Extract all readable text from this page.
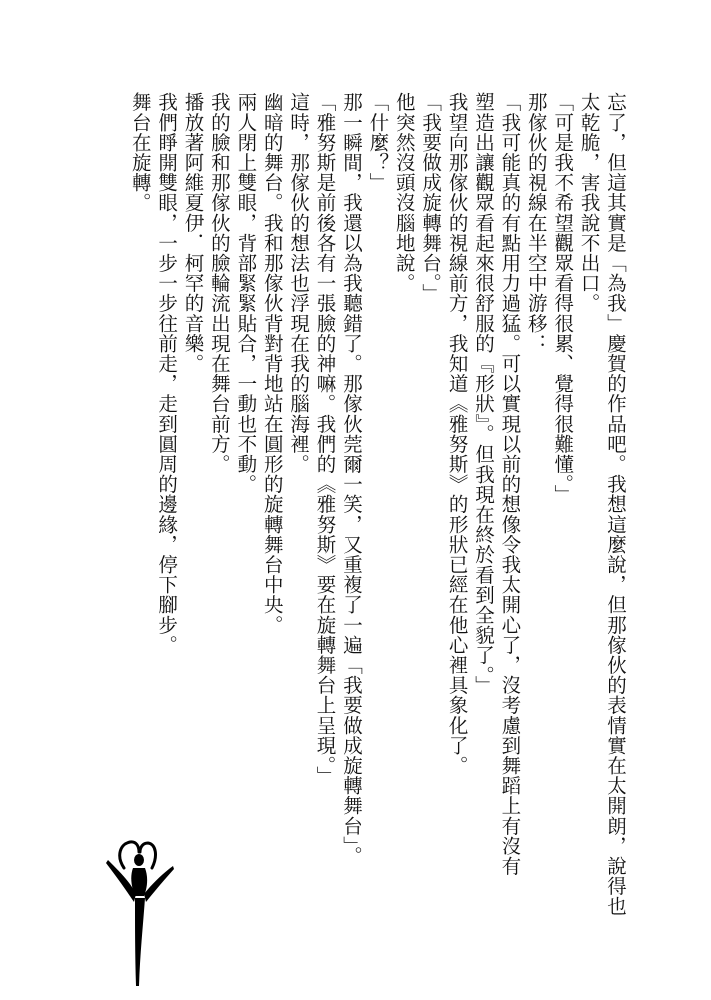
忘了，但這其實是「為我」慶賀的作品吧。我想這麼說，但那傢伙的表情實在太開朗，說得也
太乾脆，害我說不出口。
「可是我不希望觀眾看得很累、覺得很難懂。」
那傢伙的視線在半空中游移：
「我可能真的有點用力過猛。可以實現以前的想像令我太開心了，沒考慮到舞蹈上有沒有
塑造出讓觀眾看起來很舒服的『形狀』。但我現在終於看到全貌了。」
我望向那傢伙的視線前方，我知道《雅努斯》的形狀已經在他心裡具象化了。
「我要做成旋轉舞台。」
他突然沒頭沒腦地說。
「什麼？」
那一瞬間，我還以為我聽錯了。那傢伙莞爾一笑，又重複了一遍「我要做成旋轉舞台」。
「雅努斯是前後各有一張臉的神嘛。我們的《雅努斯》要在旋轉舞台上呈現。」
這時，那傢伙的想法也浮現在我的腦海裡。
幽暗的舞台。我和那傢伙背對背地站在圓形的旋轉舞台中央。
兩人閉上雙眼，背部緊緊貼合，一動也不動。
我的臉和那傢伙的臉輪流出現在舞台前方。
播放著阿維夏伊．柯罕的音樂。
我們睜開雙眼，一步一步往前走，走到圓周的邊緣，停下腳步。
舞台在旋轉。
